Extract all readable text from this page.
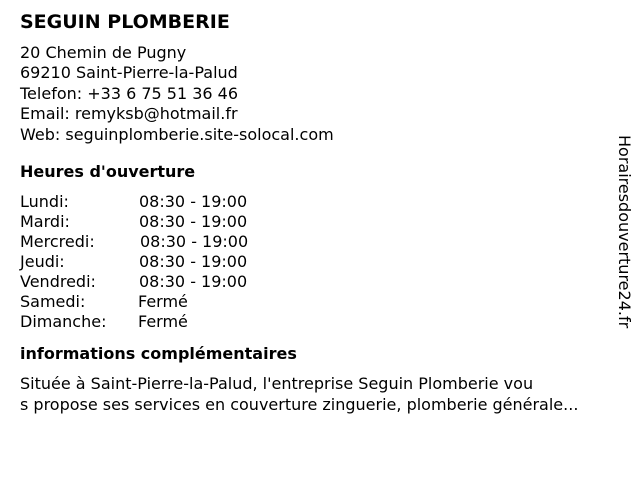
SEGUIN PLOMBERIE
20 Chemin de Pugny
69210 Saint-Pierre-la-Palud
Telefon: +33 6 75 51 36 46
Email: remyksb@hotmail.fr
Web: seguinplomberie.site-solocal.com
Heures d'ouverture
Lundi:	08:30 - 19:00
Mardi:	08:30 - 19:00
Mercredi:	08:30 - 19:00
Jeudi:	08:30 - 19:00
Vendredi:	08:30 - 19:00
Samedi:	Fermé
Dimanche:	Fermé
informations complémentaires
Située à Saint-Pierre-la-Palud, l'entreprise Seguin Plomberie vou
s propose ses services en couverture zinguerie, plomberie générale...
Horairesdouverture24.fr
